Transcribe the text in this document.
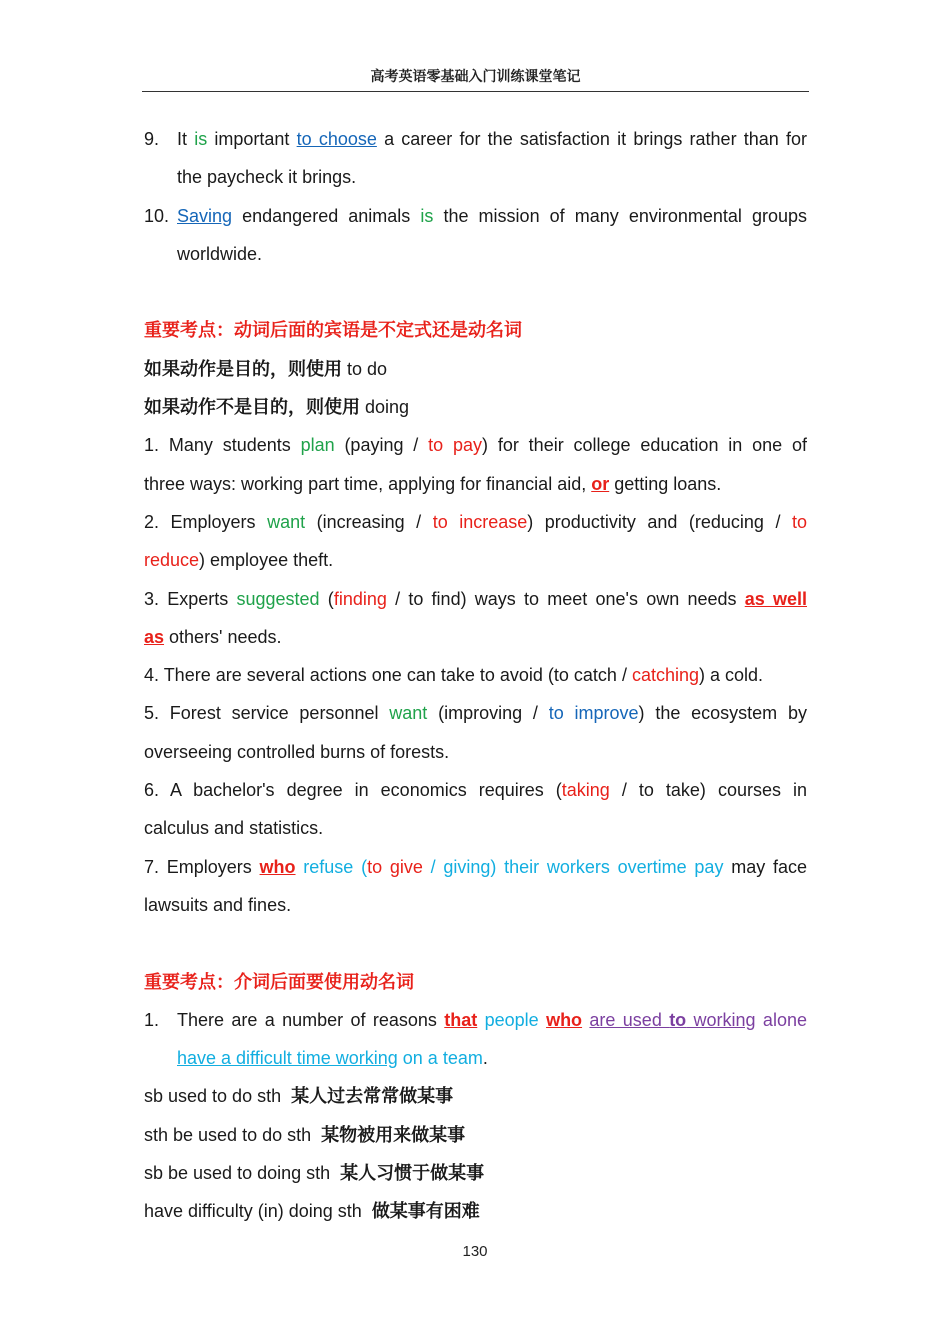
高考英语零基础入门训练课堂笔记
9. It is important to choose a career for the satisfaction it brings rather than for
the paycheck it brings.
10. Saving endangered animals is the mission of many environmental groups
worldwide.
重要考点：动词后面的宾语是不定式还是动名词
如果动作是目的，则使用 to do
如果动作不是目的，则使用 doing
1. Many students plan (paying / to pay) for their college education in one of
three ways: working part time, applying for financial aid, or getting loans.
2. Employers want (increasing / to increase) productivity and (reducing / to
reduce) employee theft.
3. Experts suggested (finding / to find) ways to meet one's own needs as well
as others' needs.
4. There are several actions one can take to avoid (to catch / catching) a cold.
5. Forest service personnel want (improving / to improve) the ecosystem by
overseeing controlled burns of forests.
6. A bachelor's degree in economics requires (taking / to take) courses in
calculus and statistics.
7. Employers who refuse (to give / giving) their workers overtime pay may face
lawsuits and fines.
重要考点：介词后面要使用动名词
1. There are a number of reasons that people who are used to working alone
have a difficult time working on a team.
sb used to do sth 某人过去常常做某事
sth be used to do sth 某物被用来做某事
sb be used to doing sth 某人习惯于做某事
have difficulty (in) doing sth 做某事有困难
130
